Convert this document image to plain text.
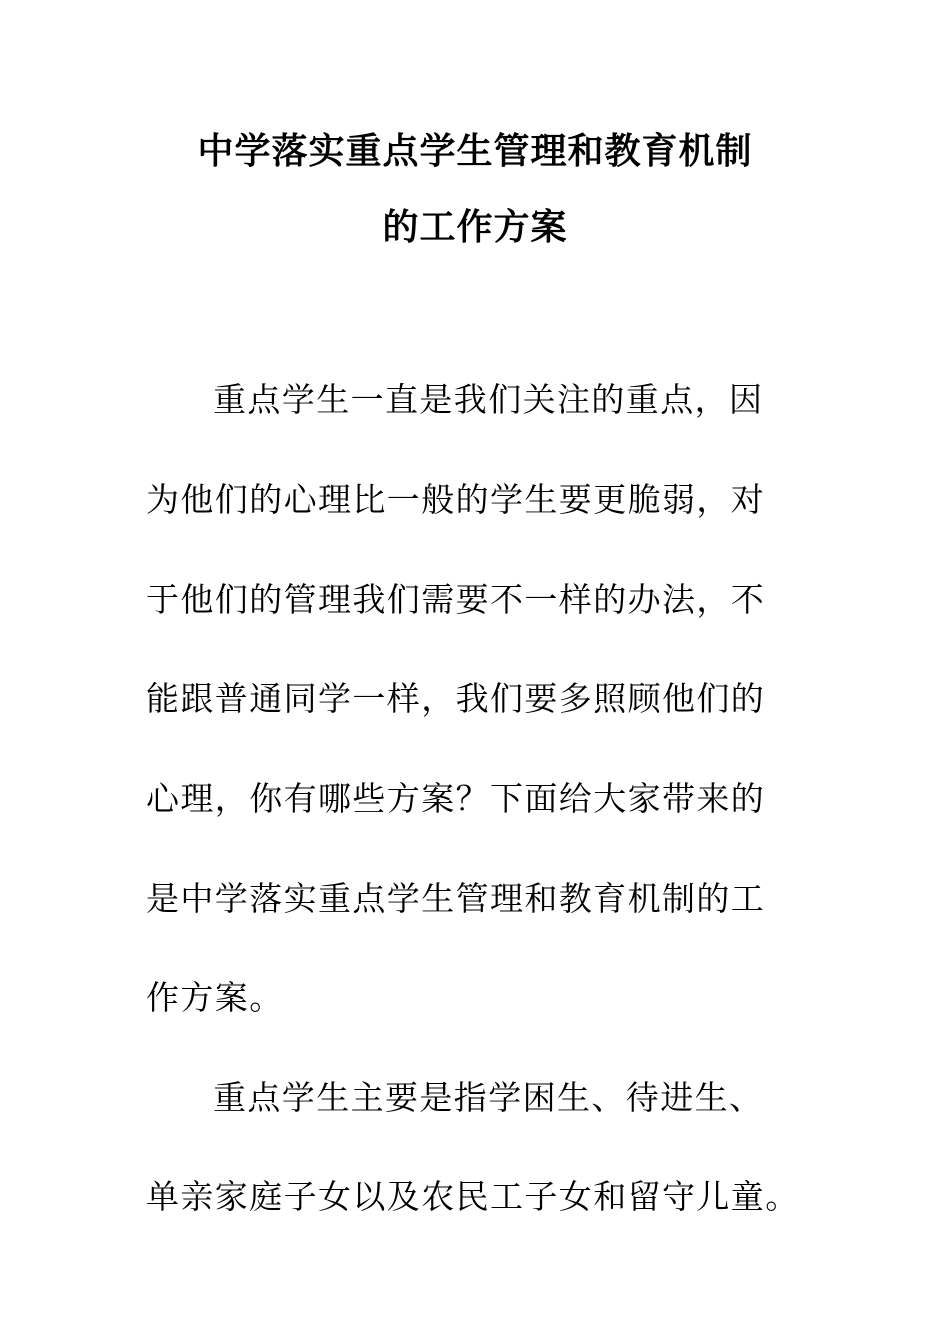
中学落实重点学生管理和教育机制
的工作方案
重点学生一直是我们关注的重点，因
为他们的心理比一般的学生要更脆弱，对
于他们的管理我们需要不一样的办法，不
能跟普通同学一样，我们要多照顾他们的
心理，你有哪些方案？下面给大家带来的
是中学落实重点学生管理和教育机制的工
作方案。
重点学生主要是指学困生、待进生、
单亲家庭子女以及农民工子女和留守儿童。
